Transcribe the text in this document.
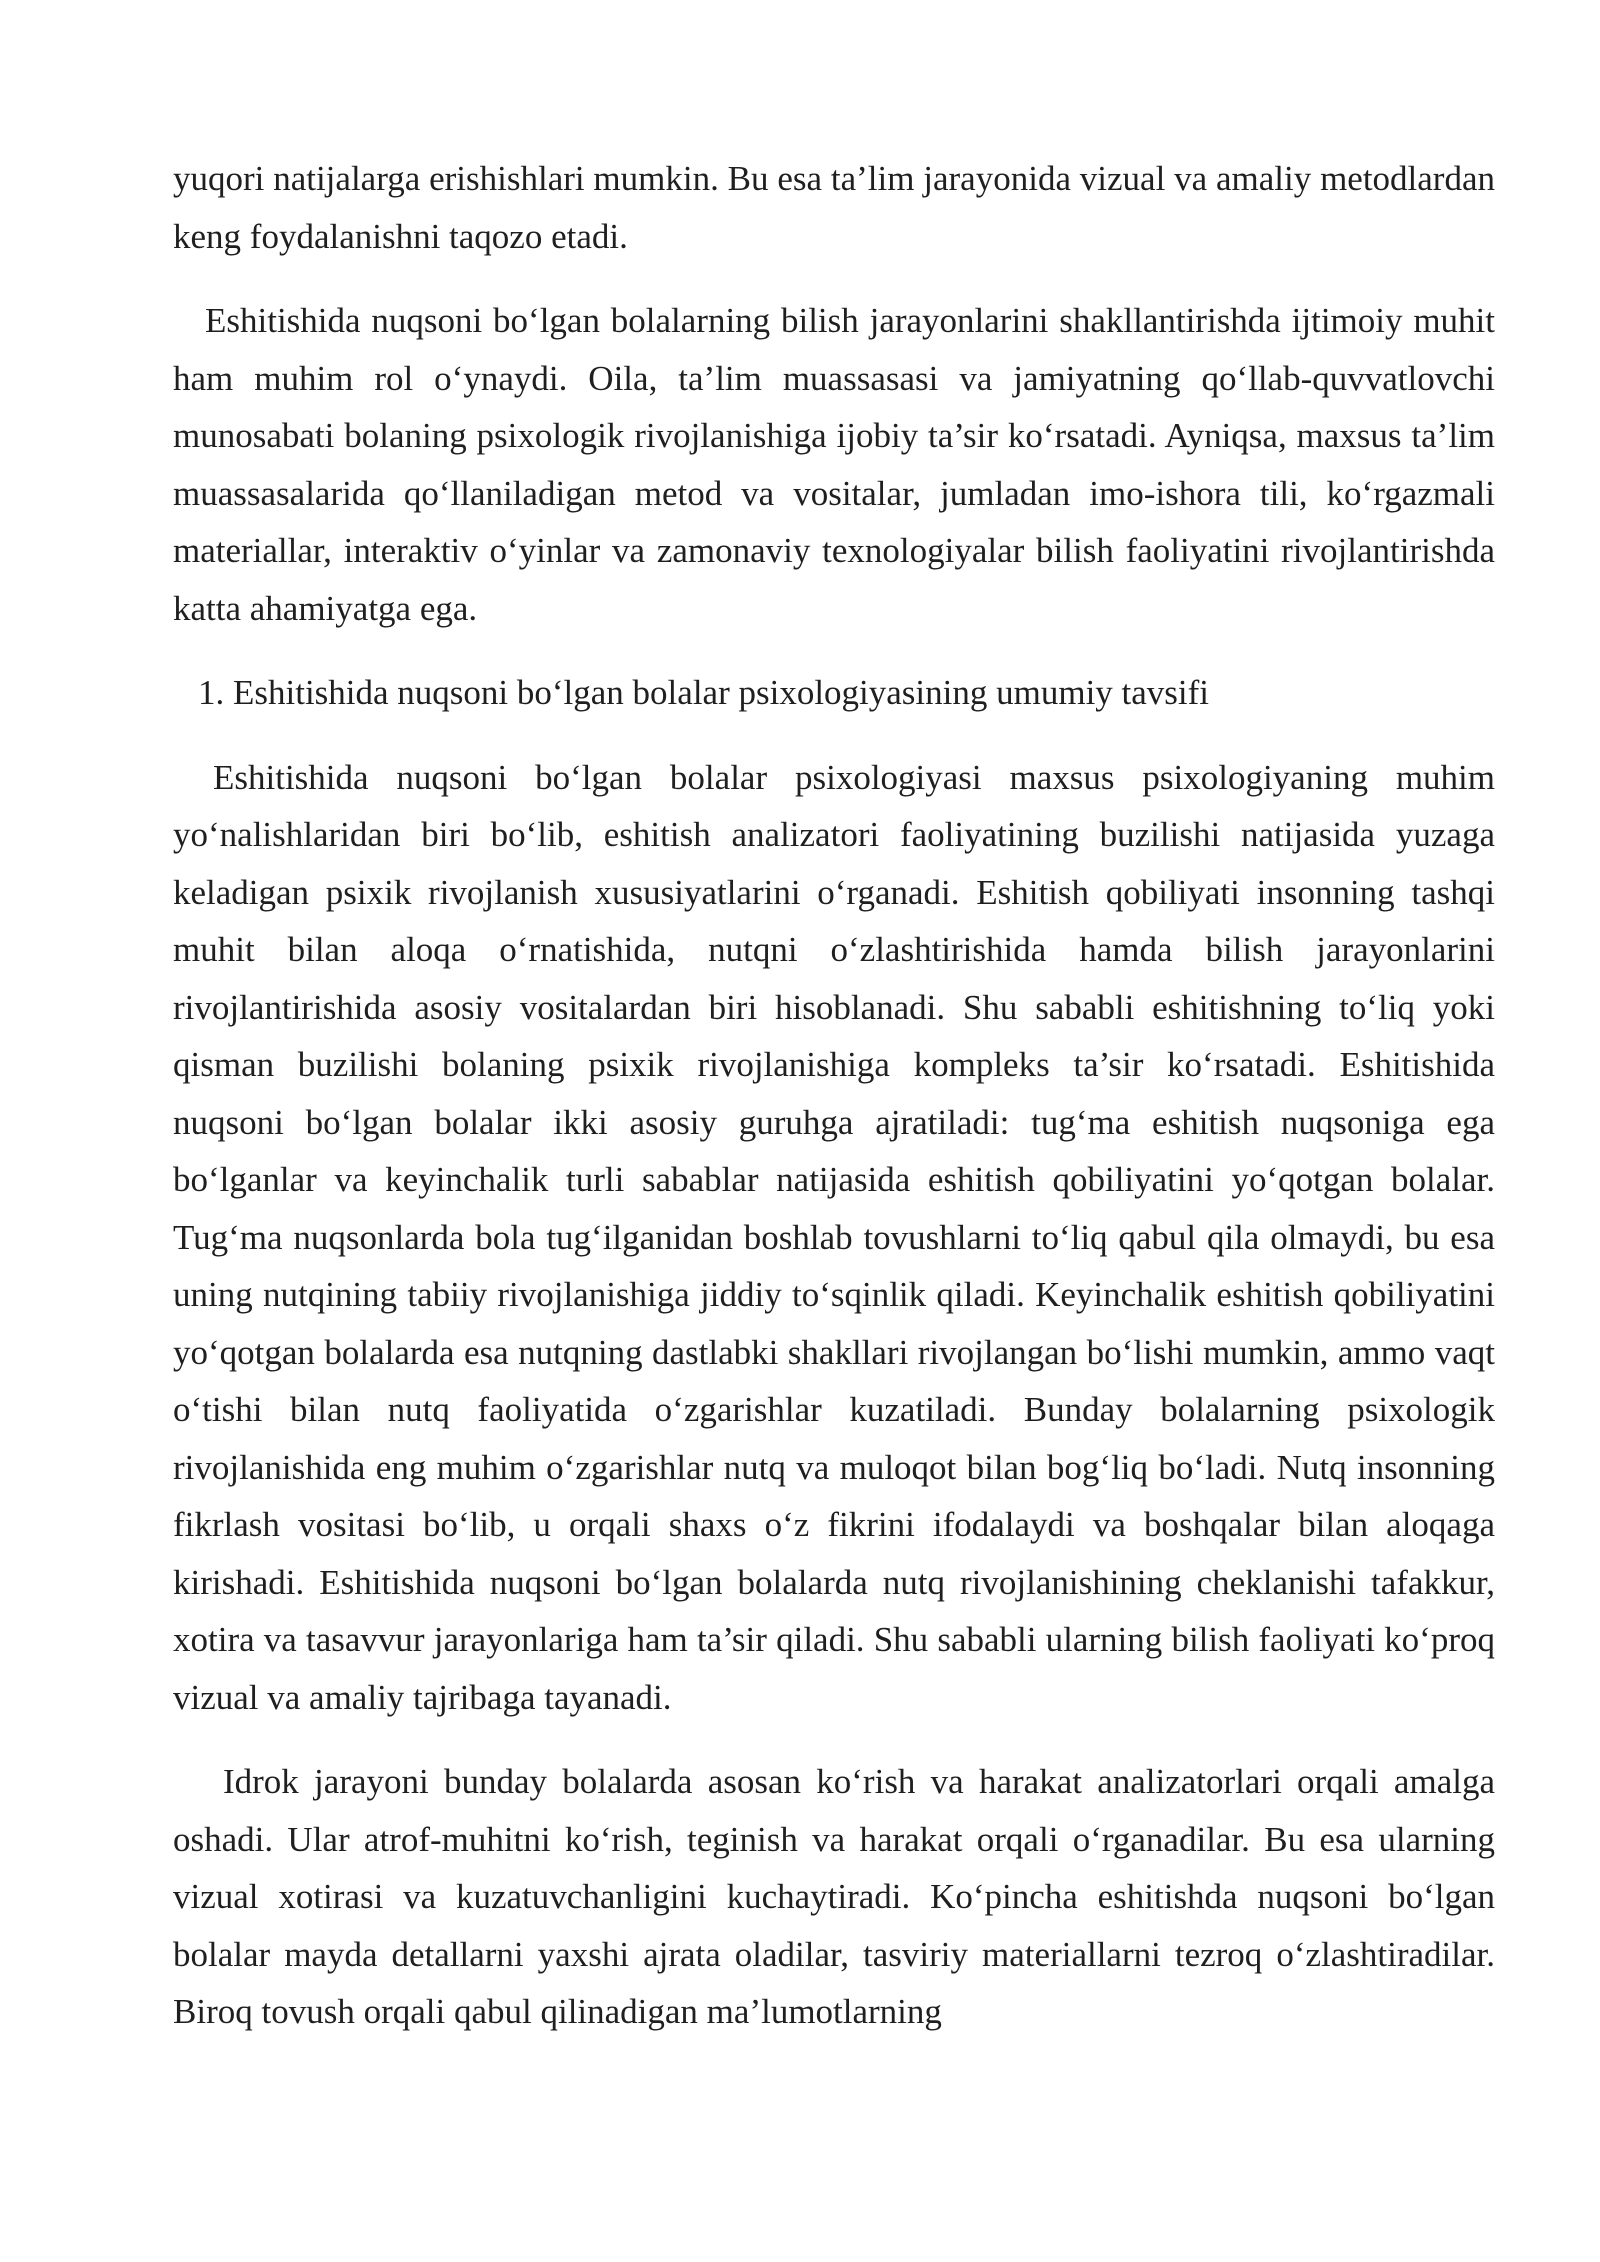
yuqori natijalarga erishishlari mumkin. Bu esa ta’lim jarayonida vizual va amaliy metodlardan keng foydalanishni taqozo etadi.

Eshitishida nuqsoni bo‘lgan bolalarning bilish jarayonlarini shakllantirishda ijtimoiy muhit ham muhim rol o‘ynaydi. Oila, ta’lim muassasasi va jamiyatning qo‘llab-quvvatlovchi munosabati bolaning psixologik rivojlanishiga ijobiy ta’sir ko‘rsatadi. Ayniqsa, maxsus ta’lim muassasalarida qo‘llaniladigan metod va vositalar, jumladan imo-ishora tili, ko‘rgazmali materiallar, interaktiv o‘yinlar va zamonaviy texnologiyalar bilish faoliyatini rivojlantirishda katta ahamiyatga ega.

1. Eshitishida nuqsoni bo‘lgan bolalar psixologiyasining umumiy tavsifi

Eshitishida nuqsoni bo‘lgan bolalar psixologiyasi maxsus psixologiyaning muhim yo‘nalishlaridan biri bo‘lib, eshitish analizatori faoliyatining buzilishi natijasida yuzaga keladigan psixik rivojlanish xususiyatlarini o‘rganadi. Eshitish qobiliyati insonning tashqi muhit bilan aloqa o‘rnatishida, nutqni o‘zlashtirishida hamda bilish jarayonlarini rivojlantirishida asosiy vositalardan biri hisoblanadi. Shu sababli eshitishning to‘liq yoki qisman buzilishi bolaning psixik rivojlanishiga kompleks ta’sir ko‘rsatadi. Eshitishida nuqsoni bo‘lgan bolalar ikki asosiy guruhga ajratiladi: tug‘ma eshitish nuqsoniga ega bo‘lganlar va keyinchalik turli sabablar natijasida eshitish qobiliyatini yo‘qotgan bolalar. Tug‘ma nuqsonlarda bola tug‘ilganidan boshlab tovushlarni to‘liq qabul qila olmaydi, bu esa uning nutqining tabiiy rivojlanishiga jiddiy to‘sqinlik qiladi. Keyinchalik eshitish qobiliyatini yo‘qotgan bolalarda esa nutqning dastlabki shakllari rivojlangan bo‘lishi mumkin, ammo vaqt o‘tishi bilan nutq faoliyatida o‘zgarishlar kuzatiladi. Bunday bolalarning psixologik rivojlanishida eng muhim o‘zgarishlar nutq va muloqot bilan bog‘liq bo‘ladi. Nutq insonning fikrlash vositasi bo‘lib, u orqali shaxs o‘z fikrini ifodalaydi va boshqalar bilan aloqaga kirishadi. Eshitishida nuqsoni bo‘lgan bolalarda nutq rivojlanishining cheklanishi tafakkur, xotira va tasavvur jarayonlariga ham ta’sir qiladi. Shu sababli ularning bilish faoliyati ko‘proq vizual va amaliy tajribaga tayanadi.

Idrok jarayoni bunday bolalarda asosan ko‘rish va harakat analizatorlari orqali amalga oshadi. Ular atrof-muhitni ko‘rish, teginish va harakat orqali o‘rganadilar. Bu esa ularning vizual xotirasi va kuzatuvchanligini kuchaytiradi. Ko‘pincha eshitishda nuqsoni bo‘lgan bolalar mayda detallarni yaxshi ajrata oladilar, tasviriy materiallarni tezroq o‘zlashtiradilar. Biroq tovush orqali qabul qilinadigan ma’lumotlarning
